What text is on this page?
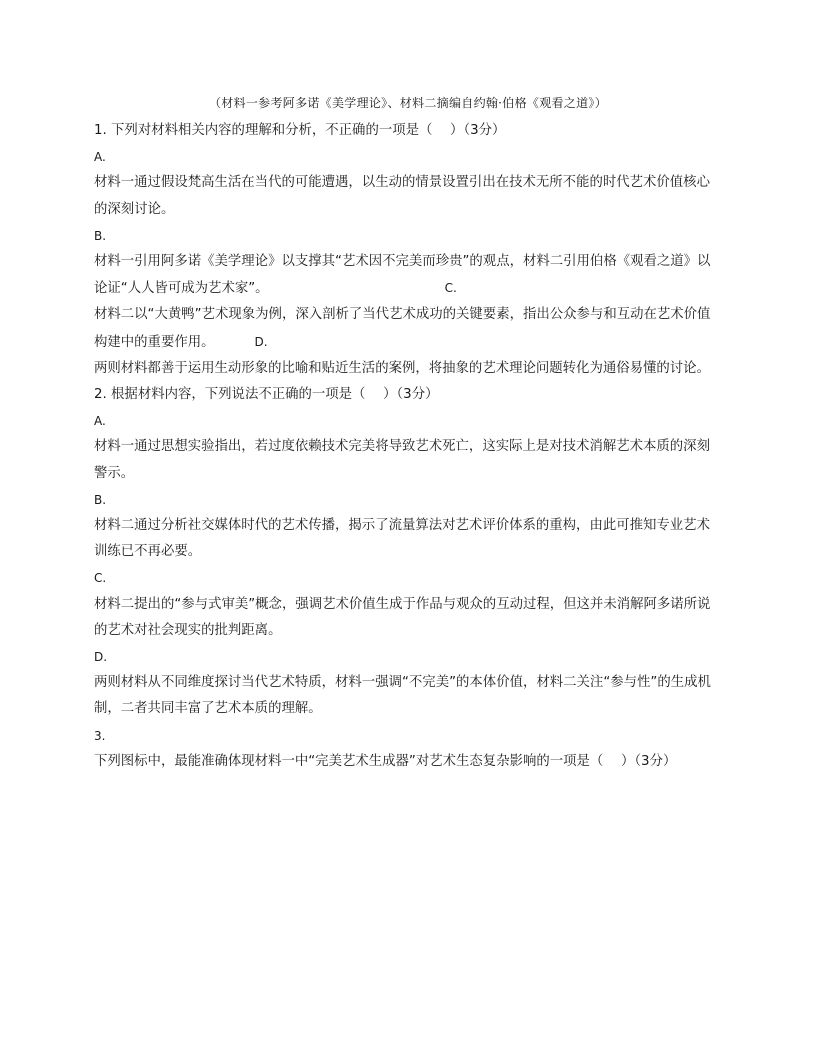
（材料一参考阿多诺《美学理论》、材料二摘编自约翰·伯格《观看之道》）

1. 下列对材料相关内容的理解和分析，不正确的一项是（　 ）（3分）

A.

材料一通过假设梵高生活在当代的可能遭遇，以生动的情景设置引出在技术无所不能的时代艺术价值核心的深刻讨论。

B.

材料一引用阿多诺《美学理论》以支撑其“艺术因不完美而珍贵”的观点，材料二引用伯格《观看之道》以论证“人人皆可成为艺术家”。	C.

材料二以“大黄鸭”艺术现象为例，深入剖析了当代艺术成功的关键要素，指出公众参与和互动在艺术价值构建中的重要作用。	D.

两则材料都善于运用生动形象的比喻和贴近生活的案例，将抽象的艺术理论问题转化为通俗易懂的讨论。

2. 根据材料内容，下列说法不正确的一项是（　 ）（3分）

A.

材料一通过思想实验指出，若过度依赖技术完美将导致艺术死亡，这实际上是对技术消解艺术本质的深刻警示。

B.

材料二通过分析社交媒体时代的艺术传播，揭示了流量算法对艺术评价体系的重构，由此可推知专业艺术训练已不再必要。

C.

材料二提出的“参与式审美”概念，强调艺术价值生成于作品与观众的互动过程，但这并未消解阿多诺所说的艺术对社会现实的批判距离。

D.

两则材料从不同维度探讨当代艺术特质，材料一强调“不完美”的本体价值，材料二关注“参与性”的生成机制，二者共同丰富了艺术本质的理解。

3.

下列图标中，最能准确体现材料一中“完美艺术生成器”对艺术生态复杂影响的一项是（　 ）（3分）
